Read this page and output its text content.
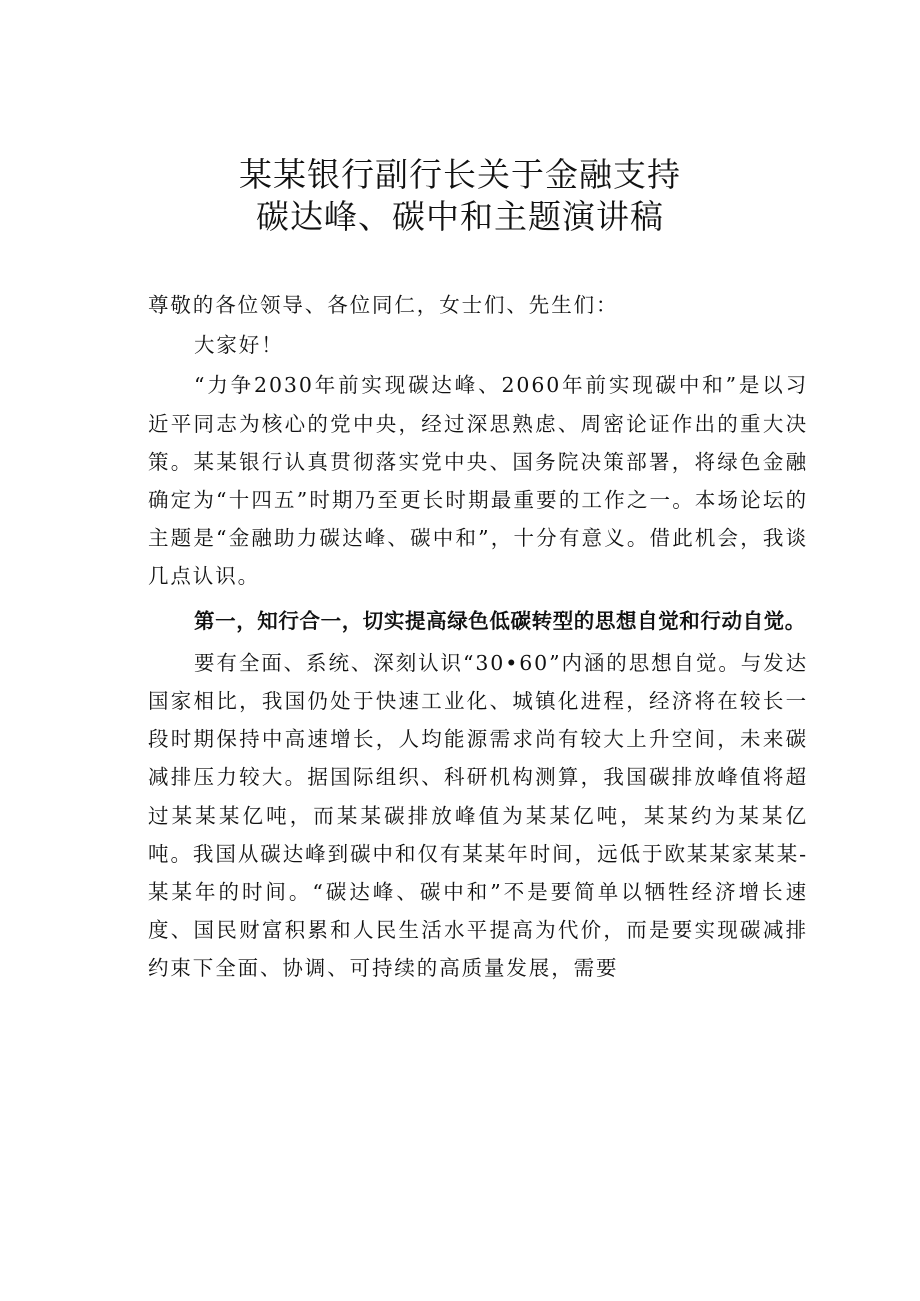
某某银行副行长关于金融支持
碳达峰、碳中和主题演讲稿

尊敬的各位领导、各位同仁，女士们、先生们：

大家好！

“力争2030年前实现碳达峰、2060年前实现碳中和”是以习近平同志为核心的党中央，经过深思熟虑、周密论证作出的重大决策。某某银行认真贯彻落实党中央、国务院决策部署，将绿色金融确定为“十四五”时期乃至更长时期最重要的工作之一。本场论坛的主题是“金融助力碳达峰、碳中和”，十分有意义。借此机会，我谈几点认识。

第一，知行合一，切实提高绿色低碳转型的思想自觉和行动自觉。

要有全面、系统、深刻认识“30•60”内涵的思想自觉。与发达国家相比，我国仍处于快速工业化、城镇化进程，经济将在较长一段时期保持中高速增长，人均能源需求尚有较大上升空间，未来碳减排压力较大。据国际组织、科研机构测算，我国碳排放峰值将超过某某某亿吨，而某某碳排放峰值为某某亿吨，某某约为某某亿吨。我国从碳达峰到碳中和仅有某某年时间，远低于欧某某家某某-某某年的时间。“碳达峰、碳中和”不是要简单以牺牲经济增长速度、国民财富积累和人民生活水平提高为代价，而是要实现碳减排约束下全面、协调、可持续的高质量发展，需要
